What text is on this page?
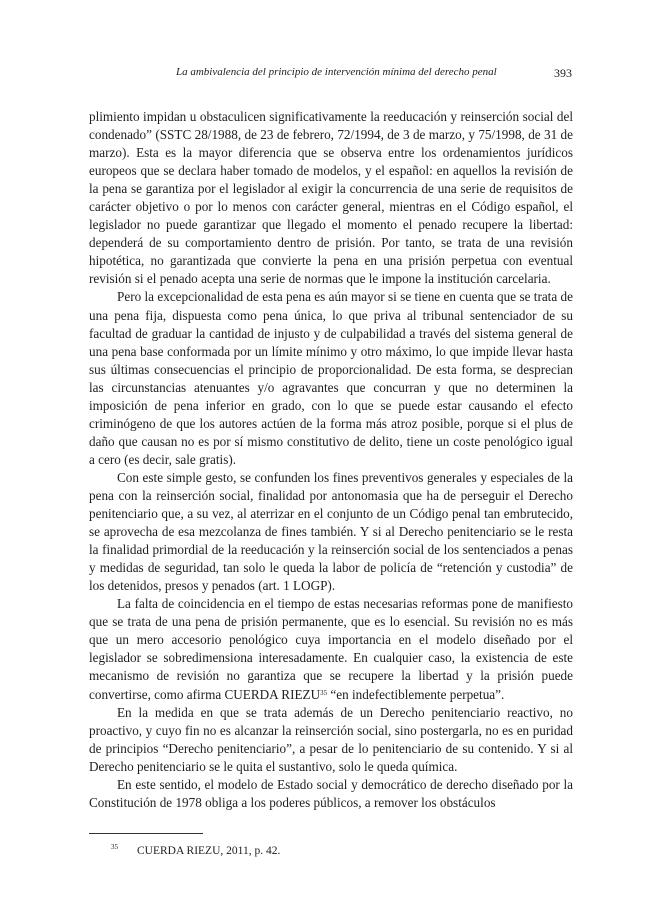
La ambivalencia del principio de intervención mínima del derecho penal	393

plimiento impidan u obstaculicen significativamente la reeducación y reinserción social del condenado” (SSTC 28/1988, de 23 de febrero, 72/1994, de 3 de marzo, y 75/1998, de 31 de marzo). Esta es la mayor diferencia que se observa entre los ordenamientos jurídicos europeos que se declara haber tomado de modelos, y el español: en aquellos la revisión de la pena se garantiza por el legislador al exigir la concurrencia de una serie de requisitos de carácter objetivo o por lo menos con carácter general, mientras en el Código español, el legislador no puede garantizar que llegado el momento el penado recupere la libertad: dependerá de su comportamiento dentro de prisión. Por tanto, se trata de una revisión hipotética, no garantizada que convierte la pena en una prisión perpetua con eventual revisión si el penado acepta una serie de normas que le impone la institución carcelaria.

Pero la excepcionalidad de esta pena es aún mayor si se tiene en cuenta que se trata de una pena fija, dispuesta como pena única, lo que priva al tribunal sentenciador de su facultad de graduar la cantidad de injusto y de culpabilidad a través del sistema general de una pena base conformada por un límite mínimo y otro máximo, lo que impide llevar hasta sus últimas consecuencias el principio de proporcionalidad. De esta forma, se desprecian las circunstancias atenuantes y/o agravantes que concurran y que no determinen la imposición de pena inferior en grado, con lo que se puede estar causando el efecto criminógeno de que los autores actúen de la forma más atroz posible, porque si el plus de daño que causan no es por sí mismo constitutivo de delito, tiene un coste penológico igual a cero (es decir, sale gratis).

Con este simple gesto, se confunden los fines preventivos generales y especiales de la pena con la reinserción social, finalidad por antonomasia que ha de perseguir el Derecho penitenciario que, a su vez, al aterrizar en el conjunto de un Código penal tan embrutecido, se aprovecha de esa mezcolanza de fines también. Y si al Derecho penitenciario se le resta la finalidad primordial de la reeducación y la reinserción social de los sentenciados a penas y medidas de seguridad, tan solo le queda la labor de policía de “retención y custodia” de los detenidos, presos y penados (art. 1 LOGP).

La falta de coincidencia en el tiempo de estas necesarias reformas pone de manifiesto que se trata de una pena de prisión permanente, que es lo esencial. Su revisión no es más que un mero accesorio penológico cuya importancia en el modelo diseñado por el legislador se sobredimensiona interesadamente. En cualquier caso, la existencia de este mecanismo de revisión no garantiza que se recupere la libertad y la prisión puede convertirse, como afirma CUERDA RIEZU$^{35}$ “en indefectiblemente perpetua”.

En la medida en que se trata además de un Derecho penitenciario reactivo, no proactivo, y cuyo fin no es alcanzar la reinserción social, sino postergarla, no es en puridad de principios “Derecho penitenciario”, a pesar de lo penitenciario de su contenido. Y si al Derecho penitenciario se le quita el sustantivo, solo le queda química.

En este sentido, el modelo de Estado social y democrático de derecho diseñado por la Constitución de 1978 obliga a los poderes públicos, a remover los obstáculos

35 CUERDA RIEZU, 2011, p. 42.
